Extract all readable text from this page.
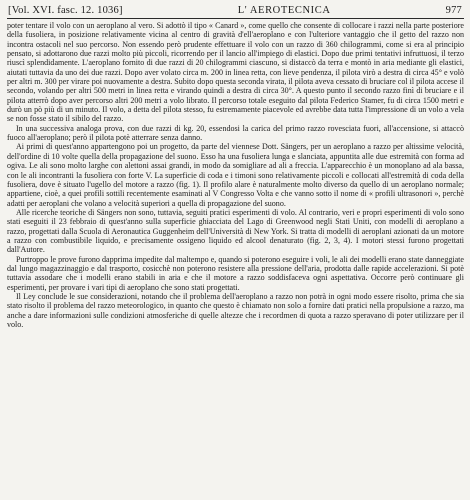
[Vol. XVI. fasc. 12. 1036]	L' AEROTECNICA	977

poter tentare il volo con un aeroplano al vero. Si adottò il tipo « Canard », come quello che consente di collocare i razzi nella parte posteriore della fusoliera, in posizione relativamente vicina al centro di gravità d'ell'aeroplano e con l'ulteriore vantaggio che il getto del razzo non incontra ostacoli nel suo percorso. Non essendo però prudente effettuare il volo con un razzo di 360 chilogrammi, come si era al principio pensato, si adottarono due razzi molto più piccoli, ricorrendo per il lancio all'impiego di elastici. Dopo due primi tentativi infruttuosi, il terzo riuscì splendidamente. L'aeroplano fornito di due razzi di 20 chilogrammi ciascuno, si distaccò da terra e montò in aria mediante gli elastici, aiutati tuttavia da uno dei due razzi. Dopo aver volato circa m. 200 in linea retta, con lieve pendenza, il pilota virò a destra di circa 45° e volò per altri m. 300 per virare poi nuovamente a destra. Subito dopo questa seconda virata, il pilota aveva cessato di bruciare col il pilota accese il secondo, volando per altri 500 metri in linea retta e virando quindi a destra di circa 30°. A questo punto il secondo razzo finì di bruciare e il pilota atterrò dopo aver percorso altri 200 metri a volo librato. Il percorso totale eseguito dal pilota Federico Stamer, fu di circa 1500 metri e durò un pò più di un minuto. Il volo, a detta del pilota stesso, fu estremamente piacevole ed avrebbe data tutta l'impressione di un volo a vela se non fosse stato il sibilo del razzo.

In una successiva analoga prova, con due razzi di kg. 20, essendosi la carica del primo razzo rovesciata fuori, all'accensione, si attaccò fuoco all'aeroplano; però il pilota potè atterrare senza danno.

Ai primi di quest'anno appartengono poi un progetto, da parte del viennese Dott. Sängers, per un aeroplano a razzo per altissime velocità, dell'ordine di 10 volte quella della propagazione del suono. Esso ha una fusoliera lunga e slanciata, appuntita alle due estremità con forma ad ogiva. Le ali sono molto larghe con alettoni assai grandi, in modo da somigliare ad ali a freccia. L'apparecchio è un monoplano ad ala bassa, con le ali incontranti la fusoliera con forte V. La superficie di coda e i timoni sono relativamente piccoli e collocati all'estremità di coda della fusoliera, dove è situato l'ugello del motore a razzo (fig. 1). Il profilo alare è naturalmente molto diverso da quello di un aeroplano normale; appartiene, cioè, a quei profili sottili recentemente esaminati al V Congresso Volta e che vanno sotto il nome di « profili ultrasonori », perchè adatti per aeroplani che volano a velocità superiori a quella di propagazione del suono.

Alle ricerche teoriche di Sängers non sono, tuttavia, seguiti pratici esperimenti di volo. Al contrario, veri e propri esperimenti di volo sono stati eseguiti il 23 febbraio di quest'anno sulla superficie ghiacciata del Lago di Greenwood negli Stati Uniti, con modelli di aeroplano a razzo, progettati dalla Scuola di Aeronautica Guggenheim dell'Università di New York. Si tratta di modelli di aeroplani azionati da un motore a razzo con combustibile liquido, e precisamente ossigeno liquido ed alcool denaturato (fig. 2, 3, 4). I motori stessi furono progettati dall'Autore.

Purtroppo le prove furono dapprima impedite dal maltempo e, quando si poterono eseguire i voli, le ali dei modelli erano state danneggiate dal lungo magazzinaggio e dal trasporto, cosicchè non poterono resistere alla pressione dell'aria, prodotta dalle rapide accelerazioni. Si potè tuttavia assodare che i modelli erano stabili in aria e che il motore a razzo soddisfaceva ogni aspettativa. Occorre però continuare gli esperimenti, per provare i vari tipi di aeroplano che sono stati progettati.

Il Ley conclude le sue considerazioni, notando che il problema dell'aeroplano a razzo non potrà in ogni modo essere risolto, prima che sia stato risolto il problema del razzo meteorologico, in quanto che questo è chiamato non solo a fornire dati pratici nella propulsione a razzo, ma anche a dare informazioni sulle condizioni atmosferiche di quelle altezze che i recordmen di quota a razzo speravano di poter utilizzare per il volo.
